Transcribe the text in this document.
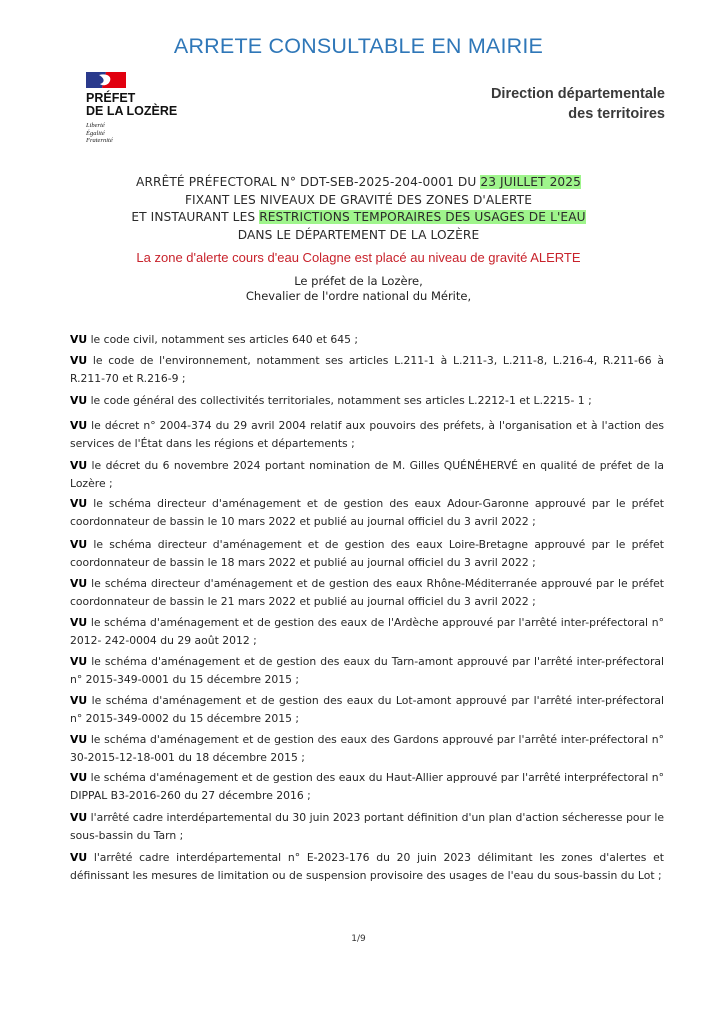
ARRETE CONSULTABLE EN MAIRIE
PRÉFET
DE LA LOZÈRE
Liberté
Égalité
Fraternité
Direction départementale
des territoires
ARRÊTÉ PRÉFECTORAL N° DDT-SEB-2025-204-0001 DU 23 JUILLET 2025
FIXANT LES NIVEAUX DE GRAVITÉ DES ZONES D'ALERTE
ET INSTAURANT LES RESTRICTIONS TEMPORAIRES DES USAGES DE L'EAU
DANS LE DÉPARTEMENT DE LA LOZÈRE
La zone d'alerte cours d'eau Colagne est placé au niveau de gravité ALERTE
Le préfet de la Lozère,
Chevalier de l'ordre national du Mérite,
VU le code civil, notamment ses articles 640 et 645 ;
VU le code de l'environnement, notamment ses articles L.211-1 à L.211-3, L.211-8, L.216-4, R.211-66 à R.211-70 et R.216-9 ;
VU le code général des collectivités territoriales, notamment ses articles L.2212-1 et L.2215- 1 ;
VU le décret n° 2004-374 du 29 avril 2004 relatif aux pouvoirs des préfets, à l'organisation et à l'action des services de l'État dans les régions et départements ;
VU le décret du 6 novembre 2024 portant nomination de M. Gilles QUÉNÉHERVÉ en qualité de préfet de la Lozère ;
VU le schéma directeur d'aménagement et de gestion des eaux Adour-Garonne approuvé par le préfet coordonnateur de bassin le 10 mars 2022 et publié au journal officiel du 3 avril 2022 ;
VU le schéma directeur d'aménagement et de gestion des eaux Loire-Bretagne approuvé par le préfet coordonnateur de bassin le 18 mars 2022 et publié au journal officiel du 3 avril 2022 ;
VU le schéma directeur d'aménagement et de gestion des eaux Rhône-Méditerranée approuvé par le préfet coordonnateur de bassin le 21 mars 2022 et publié au journal officiel du 3 avril 2022 ;
VU le schéma d'aménagement et de gestion des eaux de l'Ardèche approuvé par l'arrêté inter-préfectoral n° 2012- 242-0004 du 29 août 2012 ;
VU le schéma d'aménagement et de gestion des eaux du Tarn-amont approuvé par l'arrêté inter-préfectoral n° 2015-349-0001 du 15 décembre 2015 ;
VU le schéma d'aménagement et de gestion des eaux du Lot-amont approuvé par l'arrêté inter-préfectoral n° 2015-349-0002 du 15 décembre 2015 ;
VU le schéma d'aménagement et de gestion des eaux des Gardons approuvé par l'arrêté inter-préfectoral n° 30-2015-12-18-001 du 18 décembre 2015 ;
VU le schéma d'aménagement et de gestion des eaux du Haut-Allier approuvé par l'arrêté interpréfectoral n° DIPPAL B3-2016-260 du 27 décembre 2016 ;
VU l'arrêté cadre interdépartemental du 30 juin 2023 portant définition d'un plan d'action sécheresse pour le sous-bassin du Tarn ;
VU l'arrêté cadre interdépartemental n° E-2023-176 du 20 juin 2023 délimitant les zones d'alertes et définissant les mesures de limitation ou de suspension provisoire des usages de l'eau du sous-bassin du Lot ;
1/9
